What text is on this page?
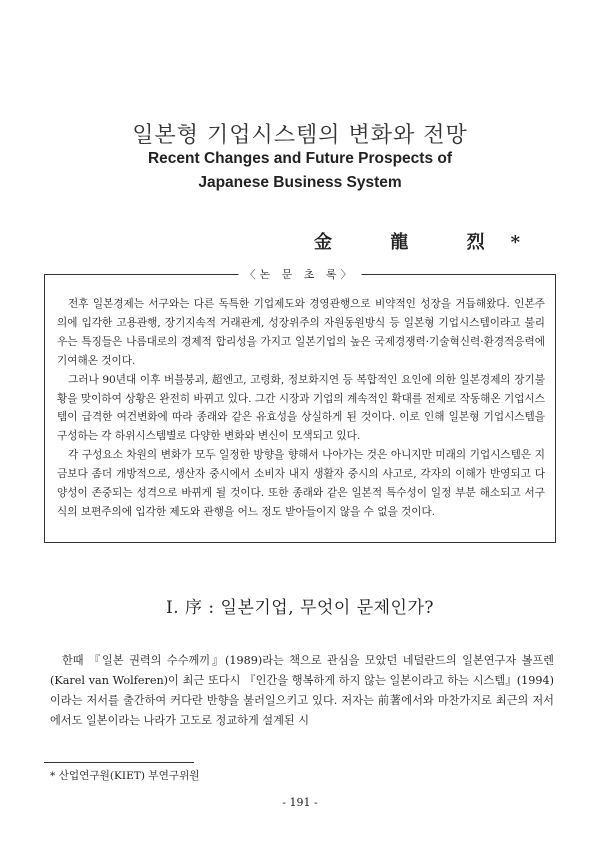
일본형 기업시스템의 변화와 전망
Recent Changes and Future Prospects of
Japanese Business System
金 龍 烈*
〈논 문 초 록〉

전후 일본경제는 서구와는 다른 독특한 기업제도와 경영관행으로 비약적인 성장을 거듭해왔다. 인본주의에 입각한 고용관행, 장기지속적 거래관계, 성장위주의 자원동원방식 등 일본형 기업시스템이라고 불리우는 특징들은 나름대로의 경제적 합리성을 가지고 일본기업의 높은 국제경쟁력·기술혁신력·환경적응력에 기여해온 것이다.

그러나 90년대 이후 버블붕괴, 超엔고, 고령화, 정보화지연 등 복합적인 요인에 의한 일본경제의 장기불황을 맞이하여 상황은 완전히 바뀌고 있다. 그간 시장과 기업의 계속적인 확대를 전제로 작동해온 기업시스템이 급격한 여건변화에 따라 종래와 같은 유효성을 상실하게 된 것이다. 이로 인해 일본형 기업시스템을 구성하는 각 하위시스템별로 다양한 변화와 변신이 모색되고 있다.

각 구성요소 차원의 변화가 모두 일정한 방향을 향해서 나아가는 것은 아니지만 미래의 기업시스템은 지금보다 좀더 개방적으로, 생산자 중시에서 소비자 내지 생활자 중시의 사고로, 각자의 이해가 반영되고 다양성이 존중되는 성격으로 바뀌게 될 것이다. 또한 종래와 같은 일본적 특수성이 일정 부분 해소되고 서구식의 보편주의에 입각한 제도와 관행을 어느 정도 받아들이지 않을 수 없을 것이다.

I. 序 : 일본기업, 무엇이 문제인가?

한때 『일본 권력의 수수께끼』(1989)라는 책으로 관심을 모았던 네덜란드의 일본연구자 볼프렌(Karel van Wolferen)이 최근 또다시 『인간을 행복하게 하지 않는 일본이라고 하는 시스템』(1994)이라는 저서를 출간하여 커다란 반향을 불러일으키고 있다. 저자는 前著에서와 마찬가지로 최근의 저서에서도 일본이라는 나라가 고도로 정교하게 설계된 시

* 산업연구원(KIET) 부연구위원
- 191 -
